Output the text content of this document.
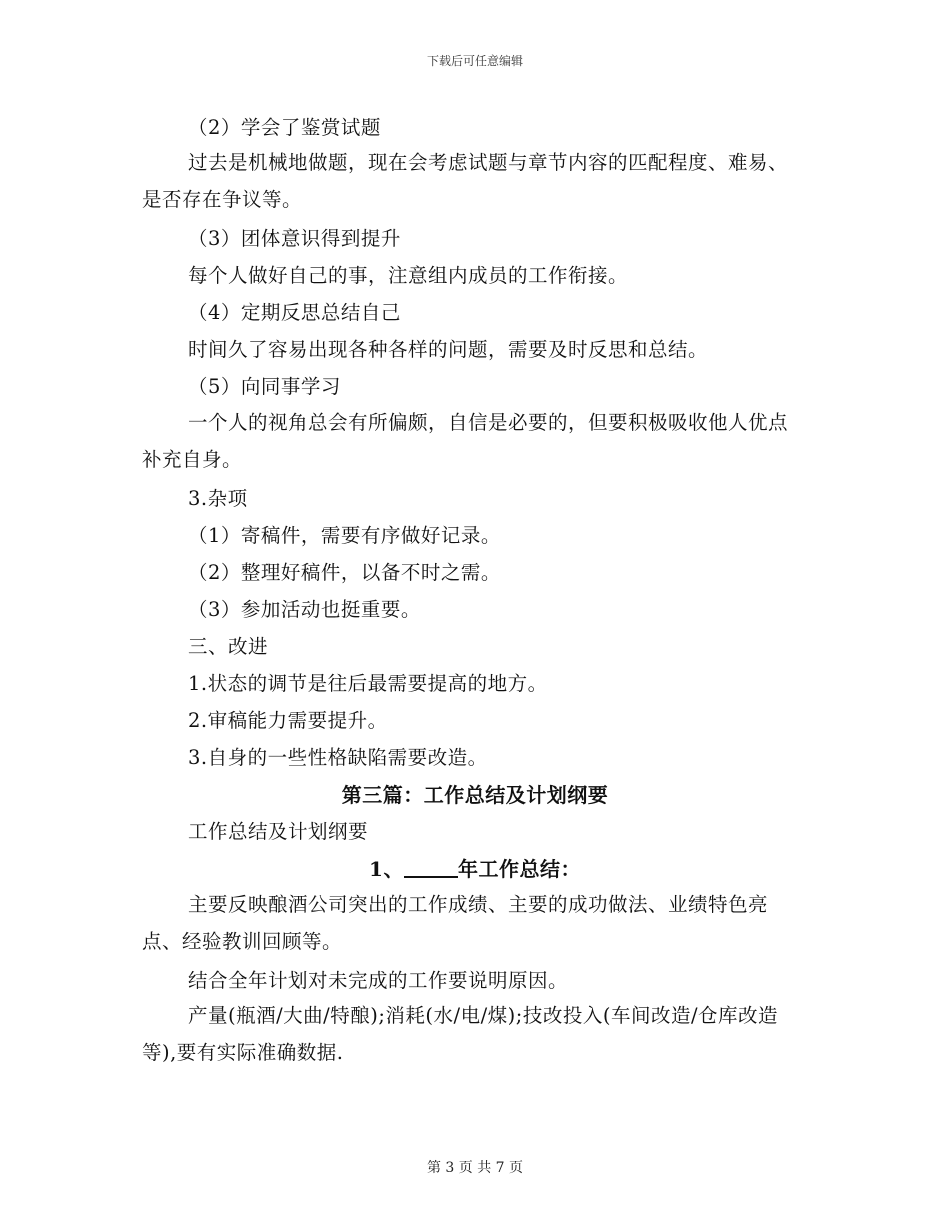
下载后可任意编辑
（2）学会了鉴赏试题
过去是机械地做题，现在会考虑试题与章节内容的匹配程度、难易、是否存在争议等。
（3）团体意识得到提升
每个人做好自己的事，注意组内成员的工作衔接。
（4）定期反思总结自己
时间久了容易出现各种各样的问题，需要及时反思和总结。
（5）向同事学习
一个人的视角总会有所偏颇，自信是必要的，但要积极吸收他人优点补充自身。
3.杂项
（1）寄稿件，需要有序做好记录。
（2）整理好稿件，以备不时之需。
（3）参加活动也挺重要。
三、改进
1.状态的调节是往后最需要提高的地方。
2.审稿能力需要提升。
3.自身的一些性格缺陷需要改造。
第三篇：工作总结及计划纲要
工作总结及计划纲要
1、	年工作总结：
主要反映酿酒公司突出的工作成绩、主要的成功做法、业绩特色亮点、经验教训回顾等。
结合全年计划对未完成的工作要说明原因。
产量(瓶酒/大曲/特酿);消耗(水/电/煤);技改投入(车间改造/仓库改造等),要有实际准确数据.
第 3 页 共 7 页
